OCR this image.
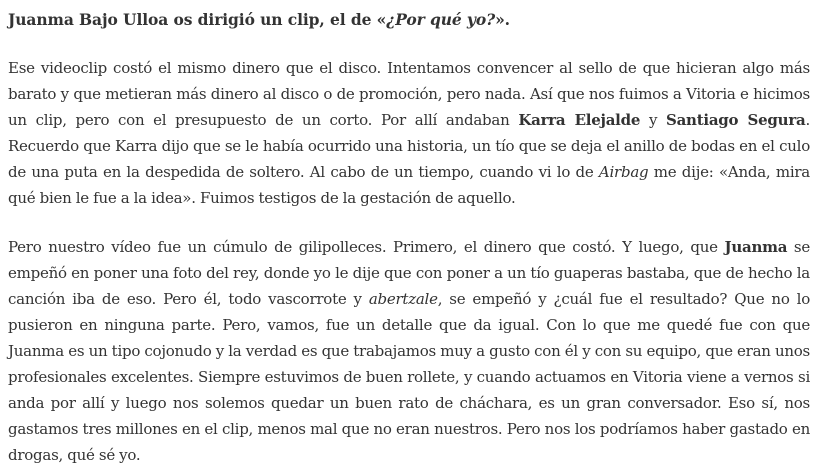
Juanma Bajo Ulloa os dirigió un clip, el de «¿Por qué yo?».

Ese videoclip costó el mismo dinero que el disco. Intentamos convencer al sello de que hicieran algo más barato y que metieran más dinero al disco o de promoción, pero nada. Así que nos fuimos a Vitoria e hicimos un clip, pero con el presupuesto de un corto. Por allí andaban Karra Elejalde y Santiago Segura. Recuerdo que Karra dijo que se le había ocurrido una historia, un tío que se deja el anillo de bodas en el culo de una puta en la despedida de soltero. Al cabo de un tiempo, cuando vi lo de Airbag me dije: «Anda, mira qué bien le fue a la idea». Fuimos testigos de la gestación de aquello.

Pero nuestro vídeo fue un cúmulo de gilipolleces. Primero, el dinero que costó. Y luego, que Juanma se empeñó en poner una foto del rey, donde yo le dije que con poner a un tío guaperas bastaba, que de hecho la canción iba de eso. Pero él, todo vascorrote y abertzale, se empeñó y ¿cuál fue el resultado? Que no lo pusieron en ninguna parte. Pero, vamos, fue un detalle que da igual. Con lo que me quedé fue con que Juanma es un tipo cojonudo y la verdad es que trabajamos muy a gusto con él y con su equipo, que eran unos profesionales excelentes. Siempre estuvimos de buen rollete, y cuando actuamos en Vitoria viene a vernos si anda por allí y luego nos solemos quedar un buen rato de cháchara, es un gran conversador. Eso sí, nos gastamos tres millones en el clip, menos mal que no eran nuestros. Pero nos los podríamos haber gastado en drogas, qué sé yo.
